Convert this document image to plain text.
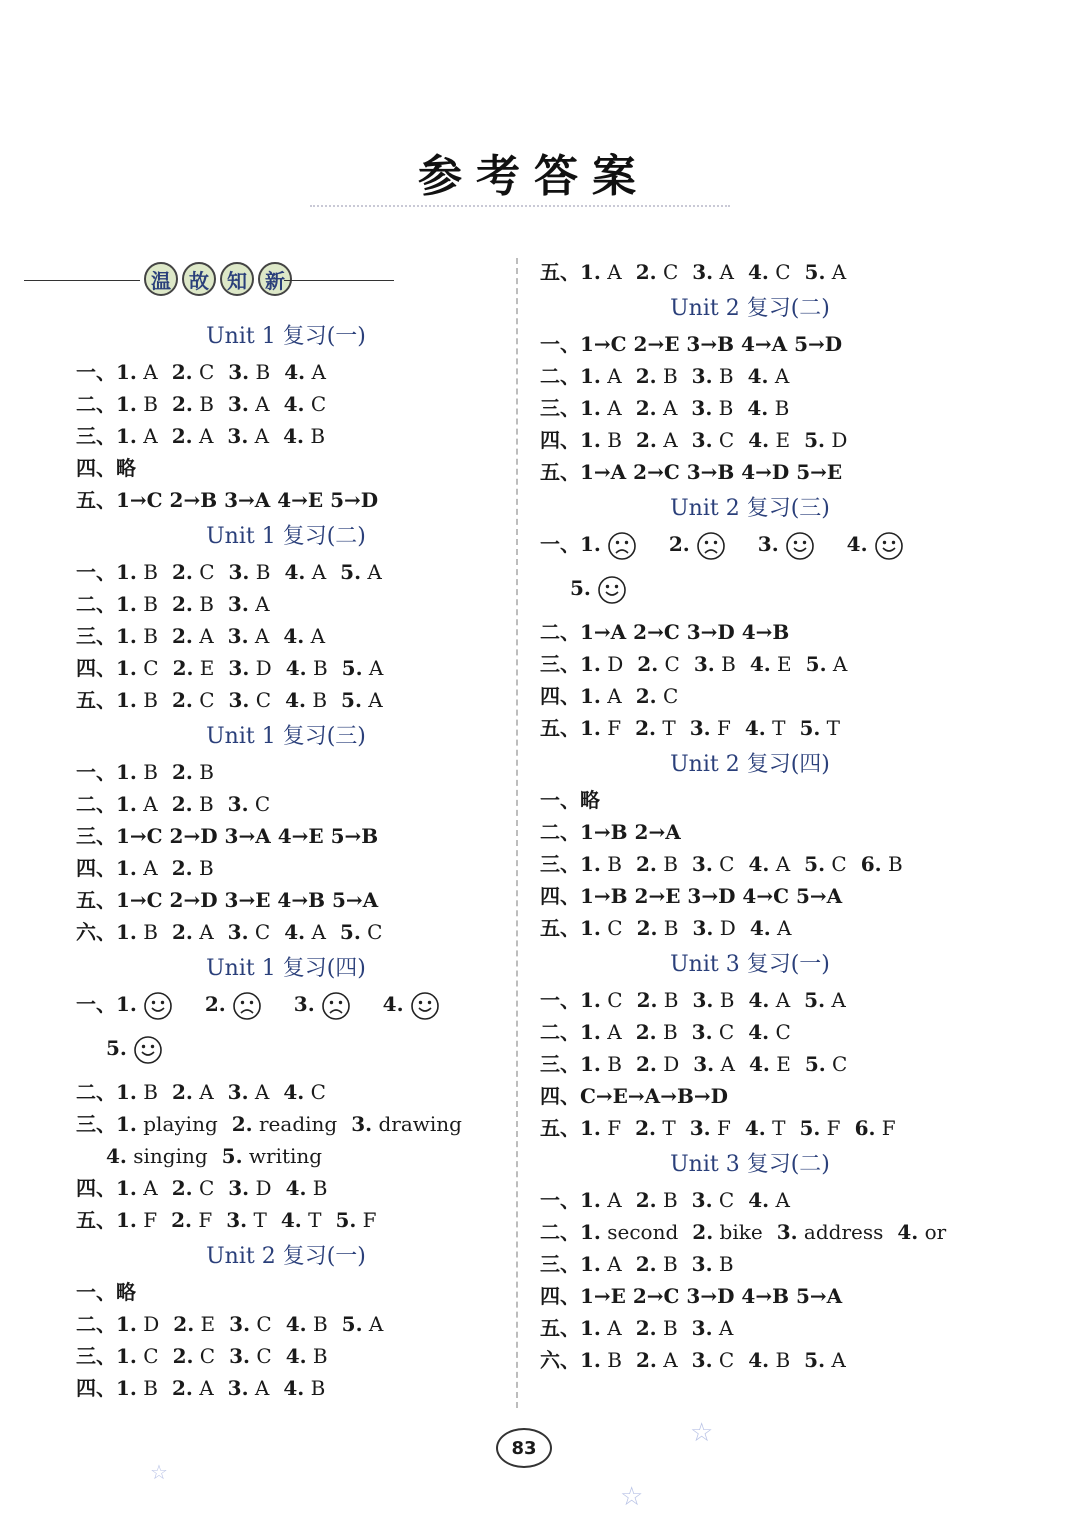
参考答案
温 故 知 新
Unit 1 复习(一)
一、1. A 2. C 3. B 4. A
二、1. B 2. B 3. A 4. C
三、1. A 2. A 3. A 4. B
四、略
五、1→C 2→B 3→A 4→E 5→D
Unit 1 复习(二)
一、1. B 2. C 3. B 4. A 5. A
二、1. B 2. B 3. A
三、1. B 2. A 3. A 4. A
四、1. C 2. E 3. D 4. B 5. A
五、1. B 2. C 3. C 4. B 5. A
Unit 1 复习(三)
一、1. B 2. B
二、1. A 2. B 3. C
三、1→C 2→D 3→A 4→E 5→B
四、1. A 2. B
五、1→C 2→D 3→E 4→B 5→A
六、1. B 2. A 3. C 4. A 5. C
Unit 1 复习(四)
一、1.	2.	3.	4.
5.
二、1. B 2. A 3. A 4. C
三、1. playing 2. reading 3. drawing
4. singing 5. writing
四、1. A 2. C 3. D 4. B
五、1. F 2. F 3. T 4. T 5. F
Unit 2 复习(一)
一、略
二、1. D 2. E 3. C 4. B 5. A
三、1. C 2. C 3. C 4. B
四、1. B 2. A 3. A 4. B
五、1. A 2. C 3. A 4. C 5. A
Unit 2 复习(二)
一、1→C 2→E 3→B 4→A 5→D
二、1. A 2. B 3. B 4. A
三、1. A 2. A 3. B 4. B
四、1. B 2. A 3. C 4. E 5. D
五、1→A 2→C 3→B 4→D 5→E
Unit 2 复习(三)
一、1.	2.	3.	4.
5.
二、1→A 2→C 3→D 4→B
三、1. D 2. C 3. B 4. E 5. A
四、1. A 2. C
五、1. F 2. T 3. F 4. T 5. T
Unit 2 复习(四)
一、略
二、1→B 2→A
三、1. B 2. B 3. C 4. A 5. C 6. B
四、1→B 2→E 3→D 4→C 5→A
五、1. C 2. B 3. D 4. A
Unit 3 复习(一)
一、1. C 2. B 3. B 4. A 5. A
二、1. A 2. B 3. C 4. C
三、1. B 2. D 3. A 4. E 5. C
四、C→E→A→B→D
五、1. F 2. T 3. F 4. T 5. F 6. F
Unit 3 复习(二)
一、1. A 2. B 3. C 4. A
二、1. second 2. bike 3. address 4. or
三、1. A 2. B 3. B
四、1→E 2→C 3→D 4→B 5→A
五、1. A 2. B 3. A
六、1. B 2. A 3. C 4. B 5. A
83	☆
☆
☆
